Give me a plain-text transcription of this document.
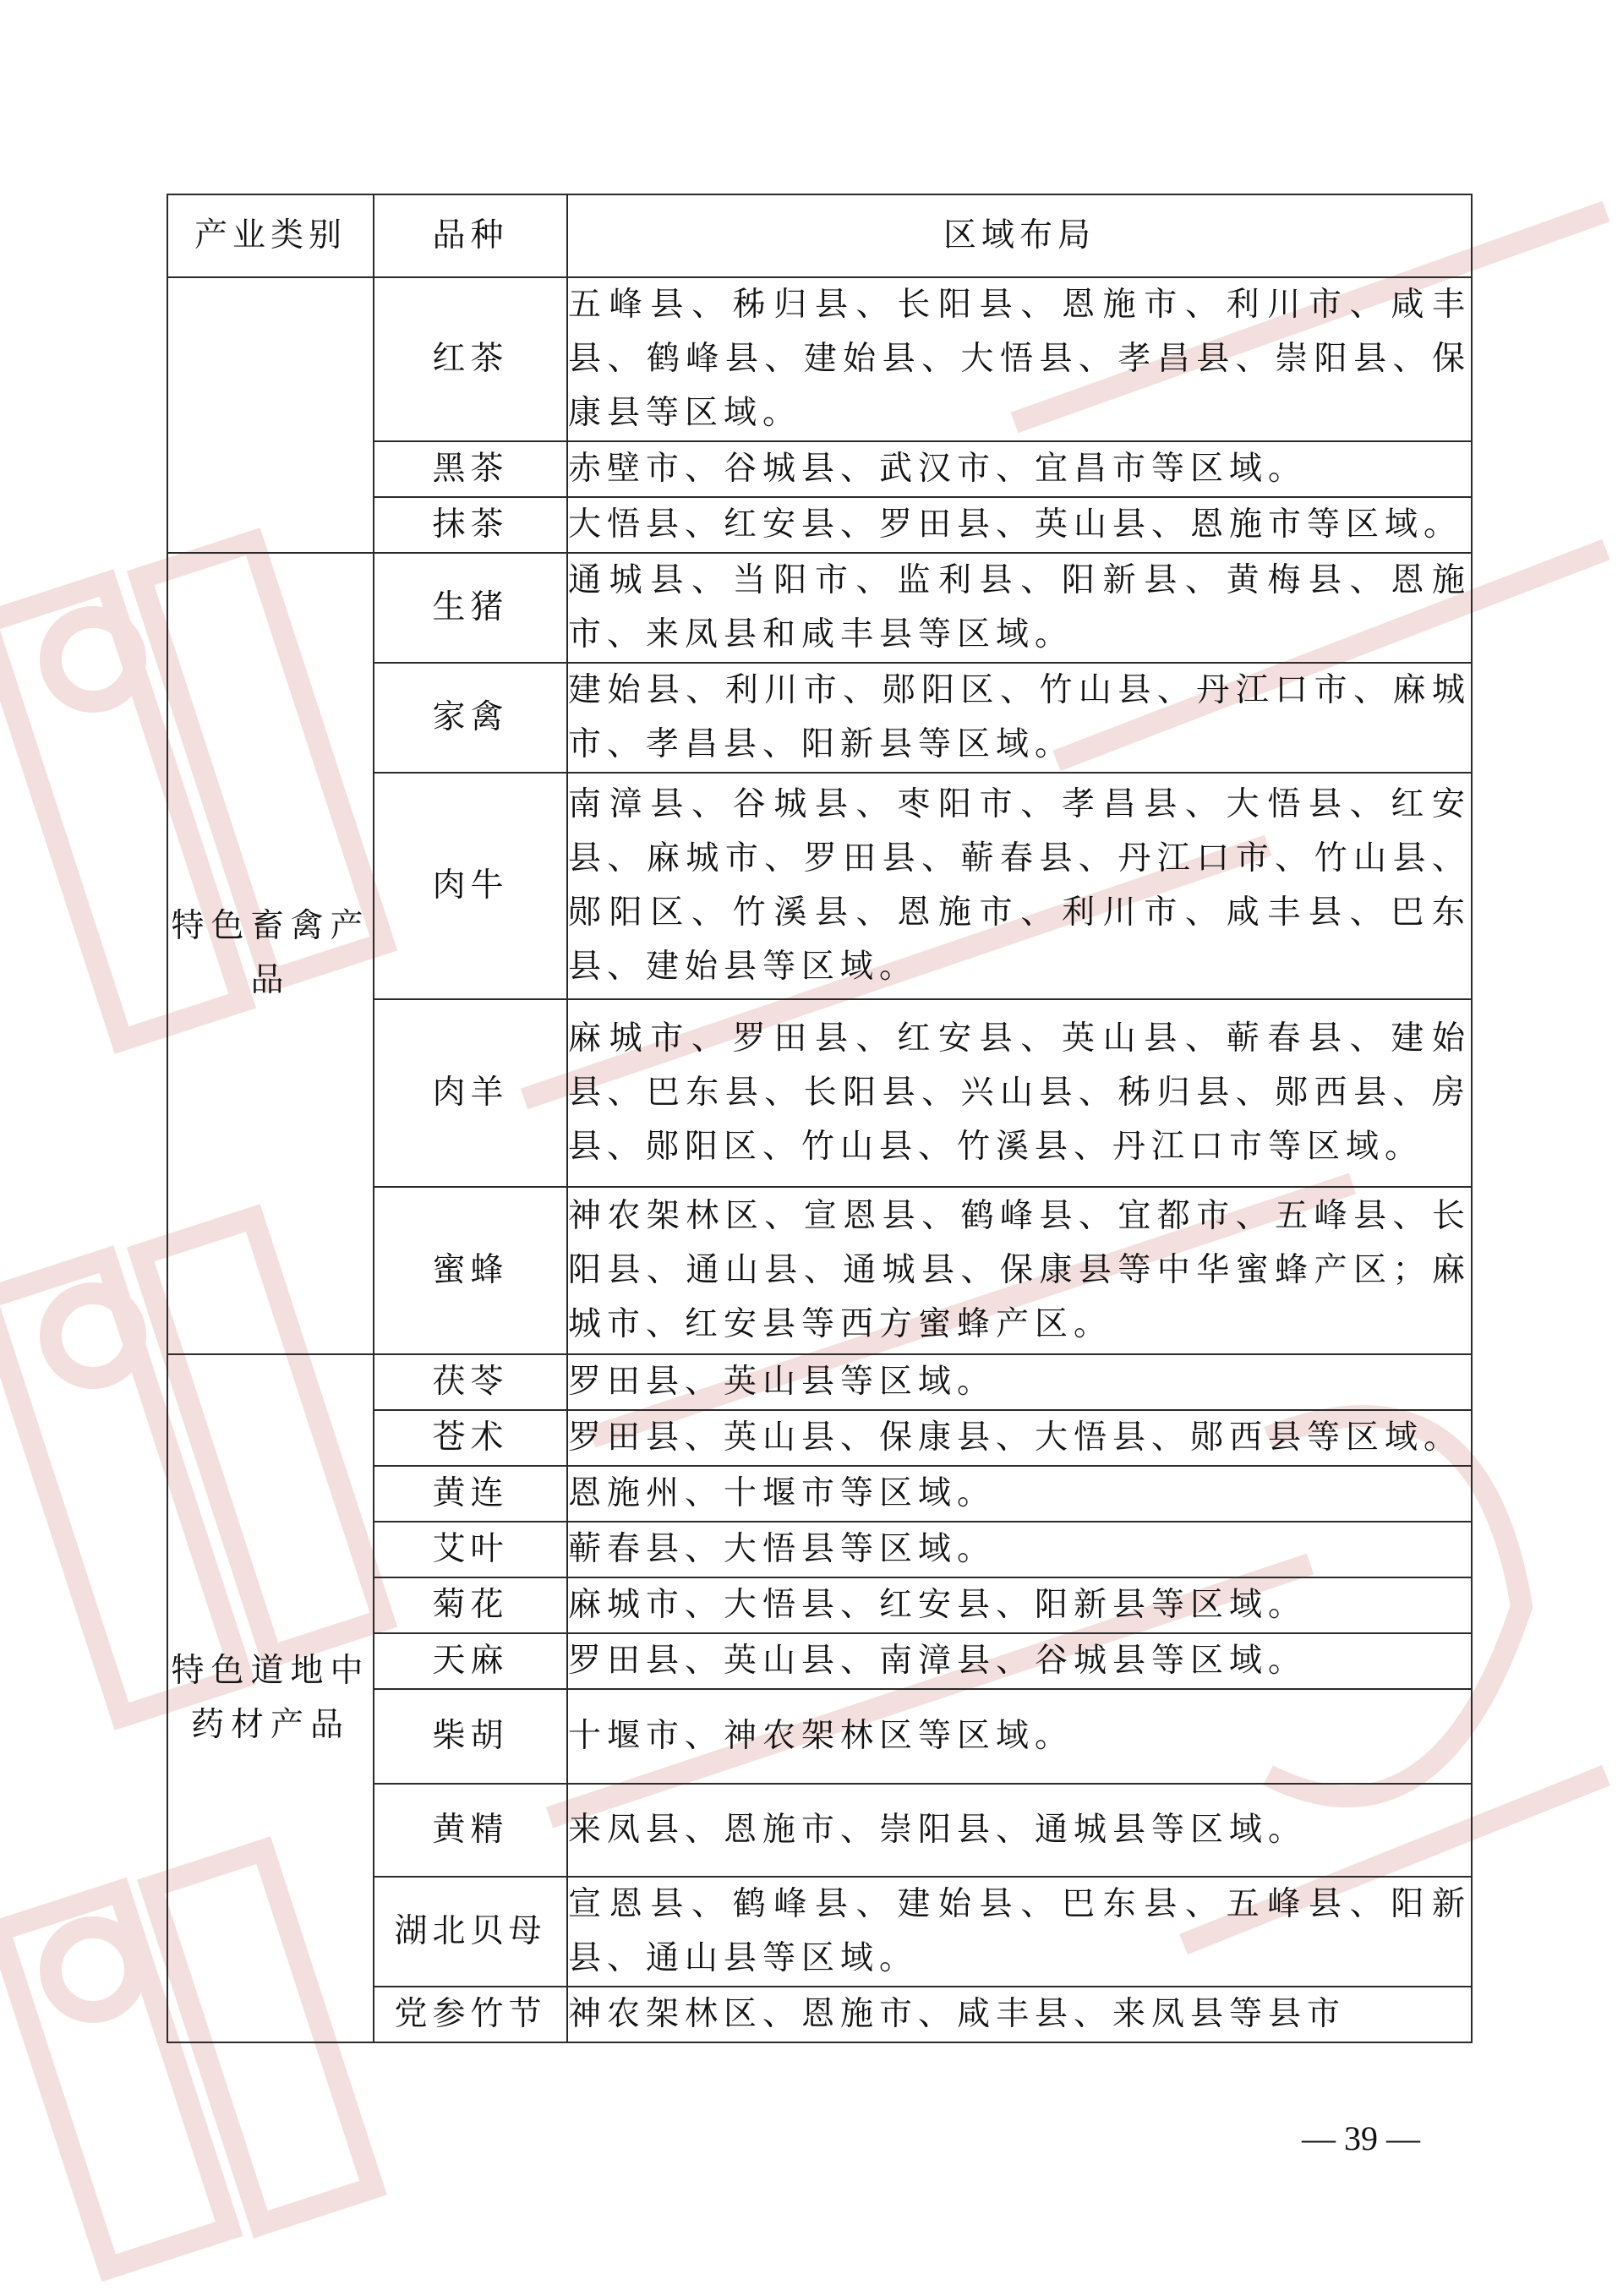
产业类别	品种	区域布局
	红茶	五峰县、秭归县、长阳县、恩施市、利川市、咸丰县、鹤峰县、建始县、大悟县、孝昌县、崇阳县、保康县等区域。
	黑茶	赤壁市、谷城县、武汉市、宜昌市等区域。
	抹茶	大悟县、红安县、罗田县、英山县、恩施市等区域。
特色畜禽产品	生猪	通城县、当阳市、监利县、阳新县、黄梅县、恩施市、来凤县和咸丰县等区域。
	家禽	建始县、利川市、郧阳区、竹山县、丹江口市、麻城市、孝昌县、阳新县等区域。
	肉牛	南漳县、谷城县、枣阳市、孝昌县、大悟县、红安县、麻城市、罗田县、蕲春县、丹江口市、竹山县、郧阳区、竹溪县、恩施市、利川市、咸丰县、巴东县、建始县等区域。
	肉羊	麻城市、罗田县、红安县、英山县、蕲春县、建始县、巴东县、长阳县、兴山县、秭归县、郧西县、房县、郧阳区、竹山县、竹溪县、丹江口市等区域。
	蜜蜂	神农架林区、宣恩县、鹤峰县、宜都市、五峰县、长阳县、通山县、通城县、保康县等中华蜜蜂产区；麻城市、红安县等西方蜜蜂产区。
特色道地中药材产品	茯苓	罗田县、英山县等区域。
	苍术	罗田县、英山县、保康县、大悟县、郧西县等区域。
	黄连	恩施州、十堰市等区域。
	艾叶	蕲春县、大悟县等区域。
	菊花	麻城市、大悟县、红安县、阳新县等区域。
	天麻	罗田县、英山县、南漳县、谷城县等区域。
	柴胡	十堰市、神农架林区等区域。
	黄精	来凤县、恩施市、崇阳县、通城县等区域。
	湖北贝母	宣恩县、鹤峰县、建始县、巴东县、五峰县、阳新县、通山县等区域。
	党参竹节	神农架林区、恩施市、咸丰县、来凤县等县市
— 39 —
